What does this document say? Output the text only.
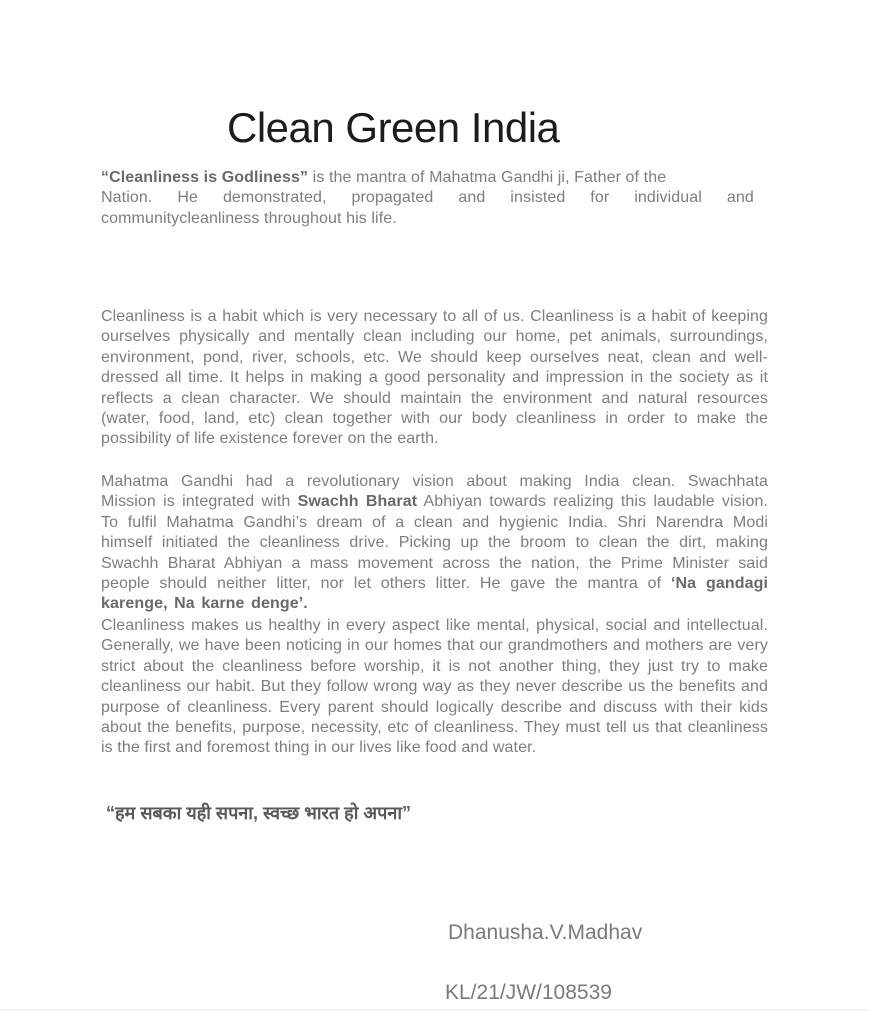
Clean Green India

“Cleanliness is Godliness” is the mantra of Mahatma Gandhi ji, Father of the
Nation. He demonstrated, propagated and insisted for individual and
communitycleanliness throughout his life.

Cleanliness is a habit which is very necessary to all of us. Cleanliness is a habit of keeping ourselves physically and mentally clean including our home, pet animals, surroundings, environment, pond, river, schools, etc. We should keep ourselves neat, clean and well-dressed all time. It helps in making a good personality and impression in the society as it reflects a clean character. We should maintain the environment and natural resources (water, food, land, etc) clean together with our body cleanliness in order to make the possibility of life existence forever on the earth.

Mahatma Gandhi had a revolutionary vision about making India clean. Swachhata Mission is integrated with Swachh Bharat Abhiyan towards realizing this laudable vision. To fulfil Mahatma Gandhi’s dream of a clean and hygienic India. Shri Narendra Modi himself initiated the cleanliness drive. Picking up the broom to clean the dirt, making Swachh Bharat Abhiyan a mass movement across the nation, the Prime Minister said people should neither litter, nor let others litter. He gave the mantra of ‘Na gandagi karenge, Na karne denge’.

Cleanliness makes us healthy in every aspect like mental, physical, social and intellectual. Generally, we have been noticing in our homes that our grandmothers and mothers are very strict about the cleanliness before worship, it is not another thing, they just try to make cleanliness our habit. But they follow wrong way as they never describe us the benefits and purpose of cleanliness. Every parent should logically describe and discuss with their kids about the benefits, purpose, necessity, etc of cleanliness. They must tell us that cleanliness is the first and foremost thing in our lives like food and water.

“हम सबका यही सपना, स्वच्छ भारत हो अपना”

Dhanusha.V.Madhav

KL/21/JW/108539
